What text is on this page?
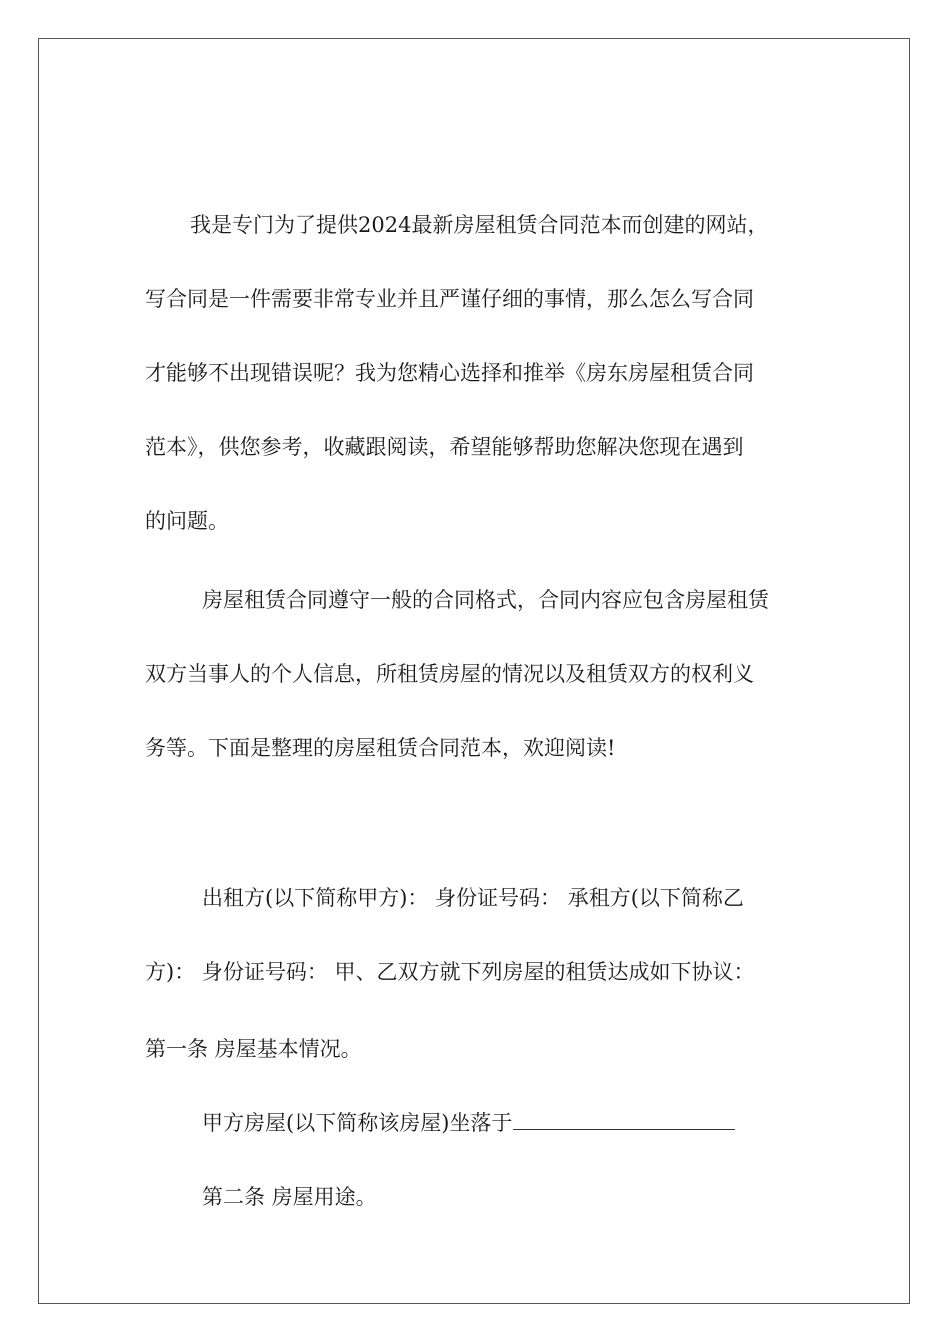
我是专门为了提供2024最新房屋租赁合同范本而创建的网站，
写合同是一件需要非常专业并且严谨仔细的事情，那么怎么写合同
才能够不出现错误呢？我为您精心选择和推举《房东房屋租赁合同
范本》，供您参考，收藏跟阅读，希望能够帮助您解决您现在遇到
的问题。
房屋租赁合同遵守一般的合同格式，合同内容应包含房屋租赁
双方当事人的个人信息，所租赁房屋的情况以及租赁双方的权利义
务等。下面是整理的房屋租赁合同范本，欢迎阅读!
出租方(以下简称甲方)： 身份证号码： 承租方(以下简称乙
方)： 身份证号码： 甲、乙双方就下列房屋的租赁达成如下协议：
第一条 房屋基本情况。
甲方房屋(以下简称该房屋)坐落于
第二条 房屋用途。
